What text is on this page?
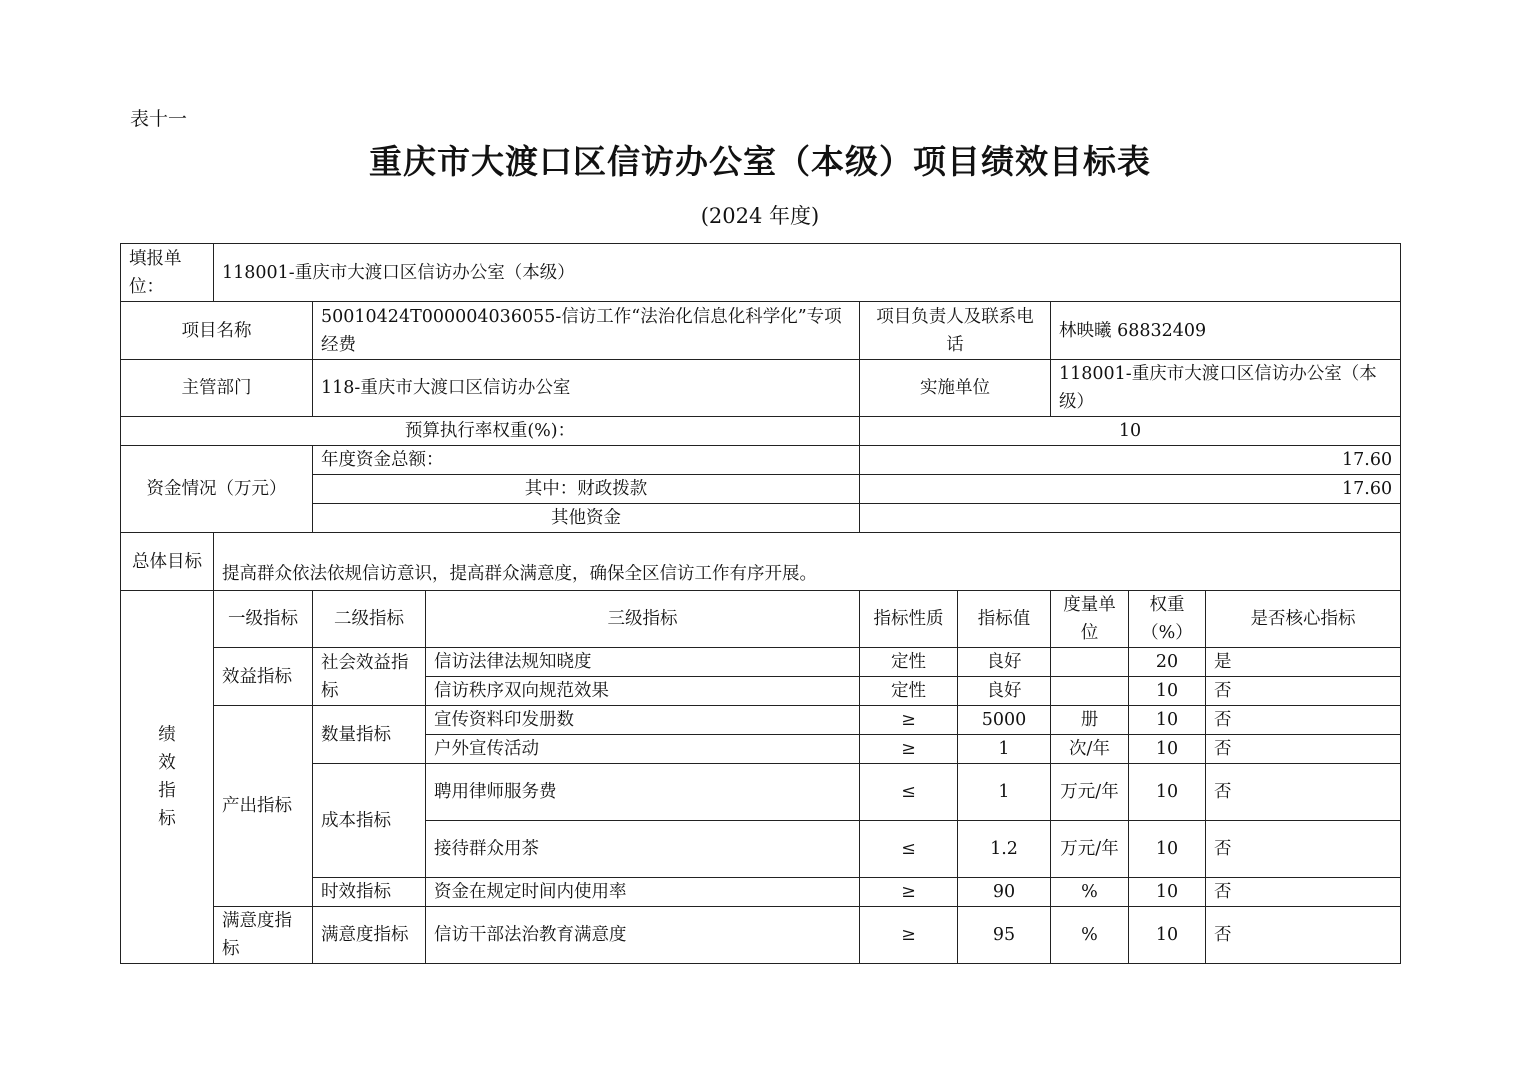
表十一
重庆市大渡口区信访办公室（本级）项目绩效目标表
(2024 年度)
填报单位：	118001-重庆市大渡口区信访办公室（本级）							
项目名称		50010424T000004036055-信访工作“法治化信息化科学化”专项经费		项目负责人及联系电话		林映曦 68832409		
主管部门		118-重庆市大渡口区信访办公室		实施单位		118001-重庆市大渡口区信访办公室（本级）		
预算执行率权重(%)：				10				
资金情况（万元）		年度资金总额：		17.60				
		其中：财政拨款		17.60				
		其他资金						
总体目标	提高群众依法依规信访意识，提高群众满意度，确保全区信访工作有序开展。							
绩效指标	一级指标	二级指标	三级指标	指标性质	指标值	度量单位	权重（%）	是否核心指标
	效益指标	社会效益指标	信访法律法规知晓度	定性	良好		20	是
			信访秩序双向规范效果	定性	良好		10	否
	产出指标	数量指标	宣传资料印发册数	≥	5000	册	10	否
			户外宣传活动	≥	1	次/年	10	否
		成本指标	聘用律师服务费	≤	1	万元/年	10	否
			接待群众用茶	≤	1.2	万元/年	10	否
		时效指标	资金在规定时间内使用率	≥	90	%	10	否
	满意度指标	满意度指标	信访干部法治教育满意度	≥	95	%	10	否
